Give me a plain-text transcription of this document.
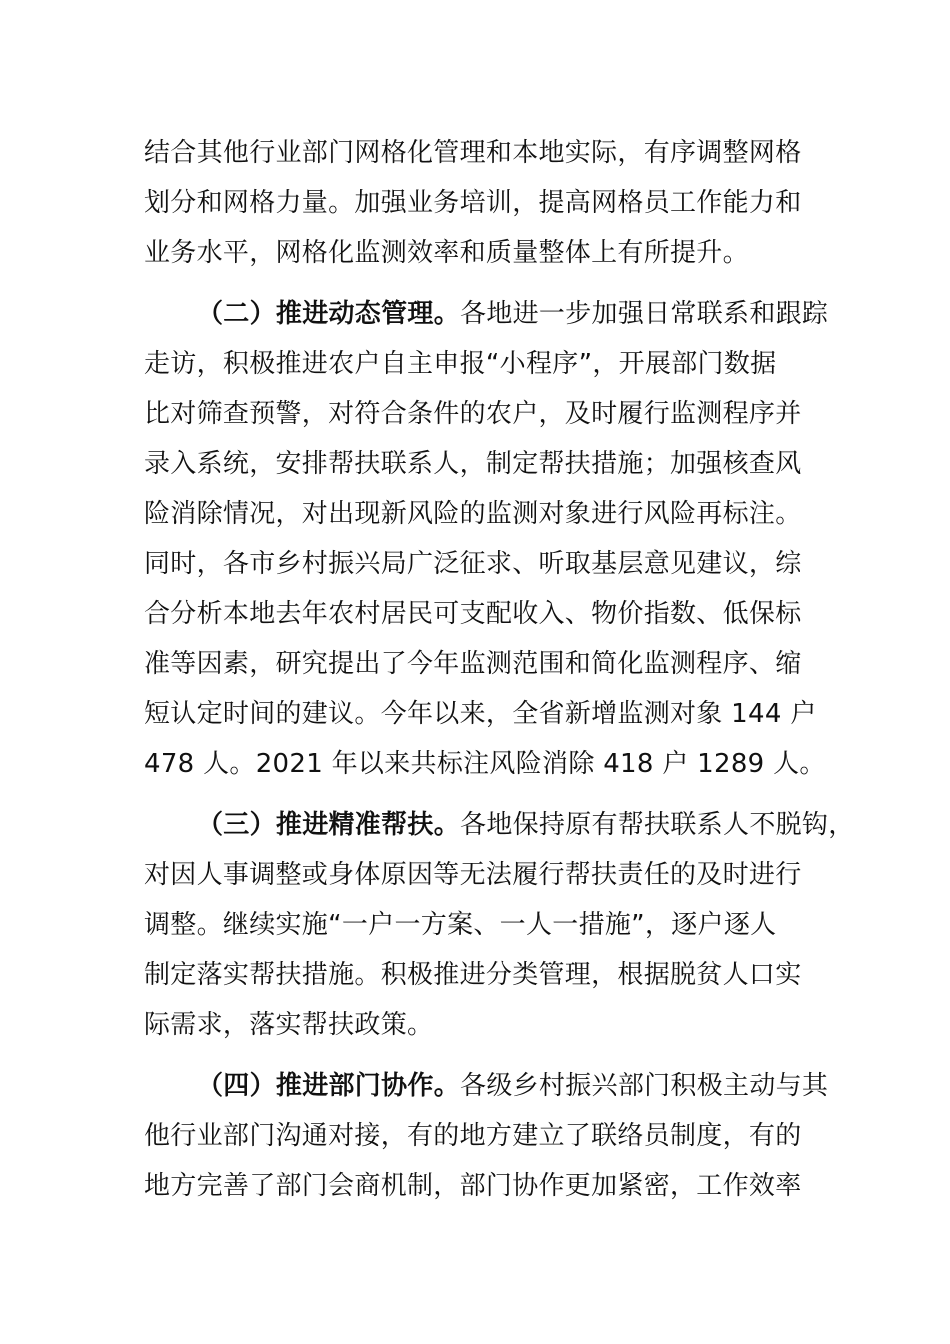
结合其他行业部门网格化管理和本地实际，有序调整网格
划分和网格力量。加强业务培训，提高网格员工作能力和
业务水平，网格化监测效率和质量整体上有所提升。
（二）推进动态管理。各地进一步加强日常联系和跟踪
走访，积极推进农户自主申报“小程序”，开展部门数据
比对筛查预警，对符合条件的农户，及时履行监测程序并
录入系统，安排帮扶联系人，制定帮扶措施；加强核查风
险消除情况，对出现新风险的监测对象进行风险再标注。
同时，各市乡村振兴局广泛征求、听取基层意见建议，综
合分析本地去年农村居民可支配收入、物价指数、低保标
准等因素，研究提出了今年监测范围和简化监测程序、缩
短认定时间的建议。今年以来，全省新增监测对象 144 户
478 人。2021 年以来共标注风险消除 418 户 1289 人。
（三）推进精准帮扶。各地保持原有帮扶联系人不脱钩，
对因人事调整或身体原因等无法履行帮扶责任的及时进行
调整。继续实施“一户一方案、一人一措施”，逐户逐人
制定落实帮扶措施。积极推进分类管理，根据脱贫人口实
际需求，落实帮扶政策。
（四）推进部门协作。各级乡村振兴部门积极主动与其
他行业部门沟通对接，有的地方建立了联络员制度，有的
地方完善了部门会商机制，部门协作更加紧密，工作效率
